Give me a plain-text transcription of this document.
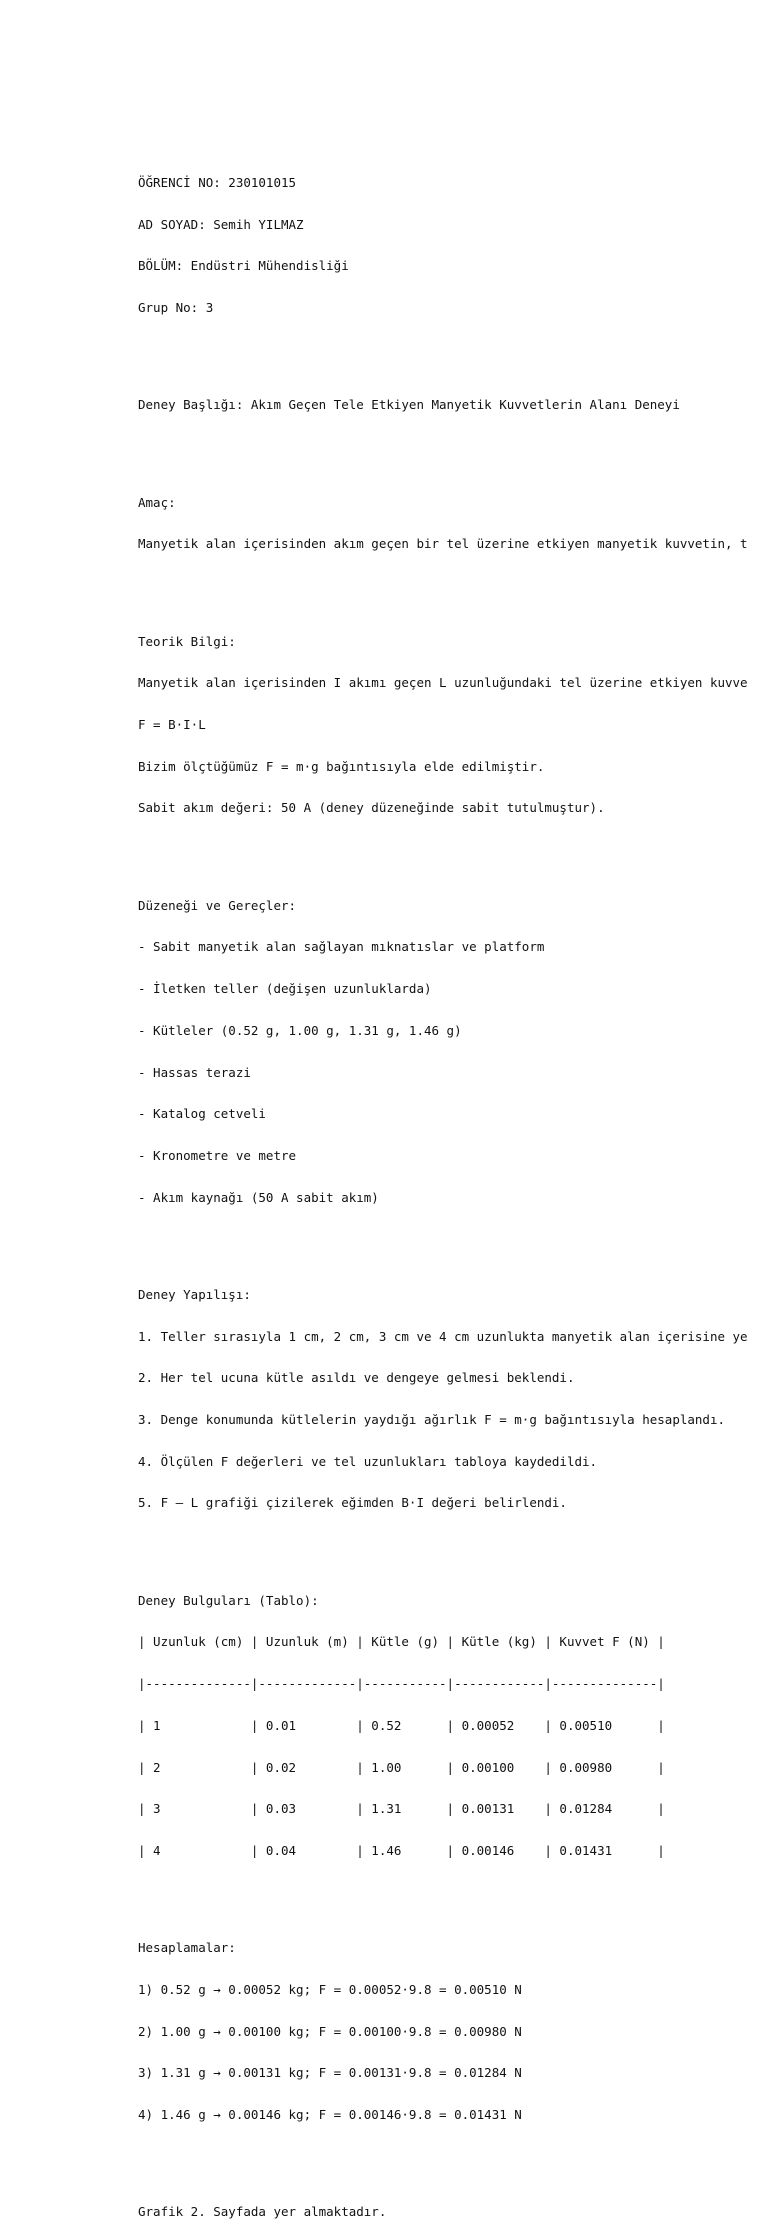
ÖĞRENCİ NO: 230101015

AD SOYAD: Semih YILMAZ

BÖLÜM: Endüstri Mühendisliği

Grup No: 3

Deney Başlığı: Akım Geçen Tele Etkiyen Manyetik Kuvvetlerin Alanı Deneyi

Amaç:

Manyetik alan içerisinden akım geçen bir tel üzerine etkiyen manyetik kuvvetin, t

Teorik Bilgi:

Manyetik alan içerisinden I akımı geçen L uzunluğundaki tel üzerine etkiyen kuvve

F = B·I·L

Bizim ölçtüğümüz F = m·g bağıntısıyla elde edilmiştir.

Sabit akım değeri: 50 A (deney düzeneğinde sabit tutulmuştur).

Düzeneği ve Gereçler:

- Sabit manyetik alan sağlayan mıknatıslar ve platform

- İletken teller (değişen uzunluklarda)

- Kütleler (0.52 g, 1.00 g, 1.31 g, 1.46 g)

- Hassas terazi

- Katalog cetveli

- Kronometre ve metre

- Akım kaynağı (50 A sabit akım)

Deney Yapılışı:

1. Teller sırasıyla 1 cm, 2 cm, 3 cm ve 4 cm uzunlukta manyetik alan içerisine ye

2. Her tel ucuna kütle asıldı ve dengeye gelmesi beklendi.

3. Denge konumunda kütlelerin yaydığı ağırlık F = m·g bağıntısıyla hesaplandı.

4. Ölçülen F değerleri ve tel uzunlukları tabloya kaydedildi.

5. F – L grafiği çizilerek eğimden B·I değeri belirlendi.

Deney Bulguları (Tablo):

| Uzunluk (cm) | Uzunluk (m) | Kütle (g) | Kütle (kg) | Kuvvet F (N) |

|--------------|-------------|-----------|------------|--------------|

| 1            | 0.01        | 0.52      | 0.00052    | 0.00510      |

| 2            | 0.02        | 1.00      | 0.00100    | 0.00980      |

| 3            | 0.03        | 1.31      | 0.00131    | 0.01284      |

| 4            | 0.04        | 1.46      | 0.00146    | 0.01431      |

Hesaplamalar:

1) 0.52 g → 0.00052 kg; F = 0.00052·9.8 = 0.00510 N

2) 1.00 g → 0.00100 kg; F = 0.00100·9.8 = 0.00980 N

3) 1.31 g → 0.00131 kg; F = 0.00131·9.8 = 0.01284 N

4) 1.46 g → 0.00146 kg; F = 0.00146·9.8 = 0.01431 N

Grafik 2. Sayfada yer almaktadır.
